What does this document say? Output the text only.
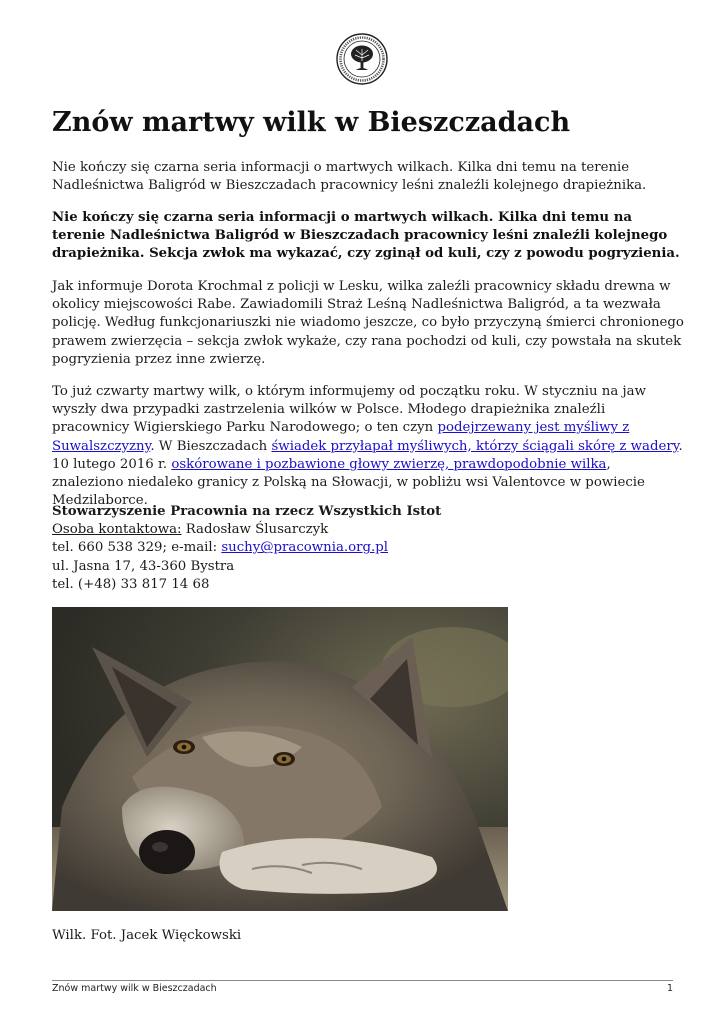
Znów martwy wilk w Bieszczadach

Nie kończy się czarna seria informacji o martwych wilkach. Kilka dni temu na terenie Nadleśnictwa Baligród w Bieszczadach pracownicy leśni znaleźli kolejnego drapieżnika.

Nie kończy się czarna seria informacji o martwych wilkach. Kilka dni temu na terenie Nadleśnictwa Baligród w Bieszczadach pracownicy leśni znaleźli kolejnego drapieżnika. Sekcja zwłok ma wykazać, czy zginął od kuli, czy z powodu pogryzienia.

Jak informuje Dorota Krochmal z policji w Lesku, wilka zaleźli pracownicy składu drewna w okolicy miejscowości Rabe. Zawiadomili Straż Leśną Nadleśnictwa Baligród, a ta wezwała policję. Według funkcjonariuszki nie wiadomo jeszcze, co było przyczyną śmierci chronionego prawem zwierzęcia – sekcja zwłok wykaże, czy rana pochodzi od kuli, czy powstała na skutek pogryzienia przez inne zwierzę.

To już czwarty martwy wilk, o którym informujemy od początku roku. W styczniu na jaw wyszły dwa przypadki zastrzelenia wilków w Polsce. Młodego drapieżnika znaleźli pracownicy Wigierskiego Parku Narodowego; o ten czyn podejrzewany jest myśliwy z Suwalszczyzny. W Bieszczadach świadek przyłapał myśliwych, którzy ściągali skórę z wadery. 10 lutego 2016 r. oskórowane i pozbawione głowy zwierzę, prawdopodobnie wilka, znaleziono niedaleko granicy z Polską na Słowacji, w pobliżu wsi Valentovce w powiecie Medzilaborce.

Stowarzyszenie Pracownia na rzecz Wszystkich Istot
Osoba kontaktowa: Radosław Ślusarczyk
tel. 660 538 329; e-mail: suchy@pracownia.org.pl
ul. Jasna 17, 43-360 Bystra
tel. (+48) 33 817 14 68
Wilk. Fot. Jacek Więckowski
Znów martwy wilk w Bieszczadach	1
